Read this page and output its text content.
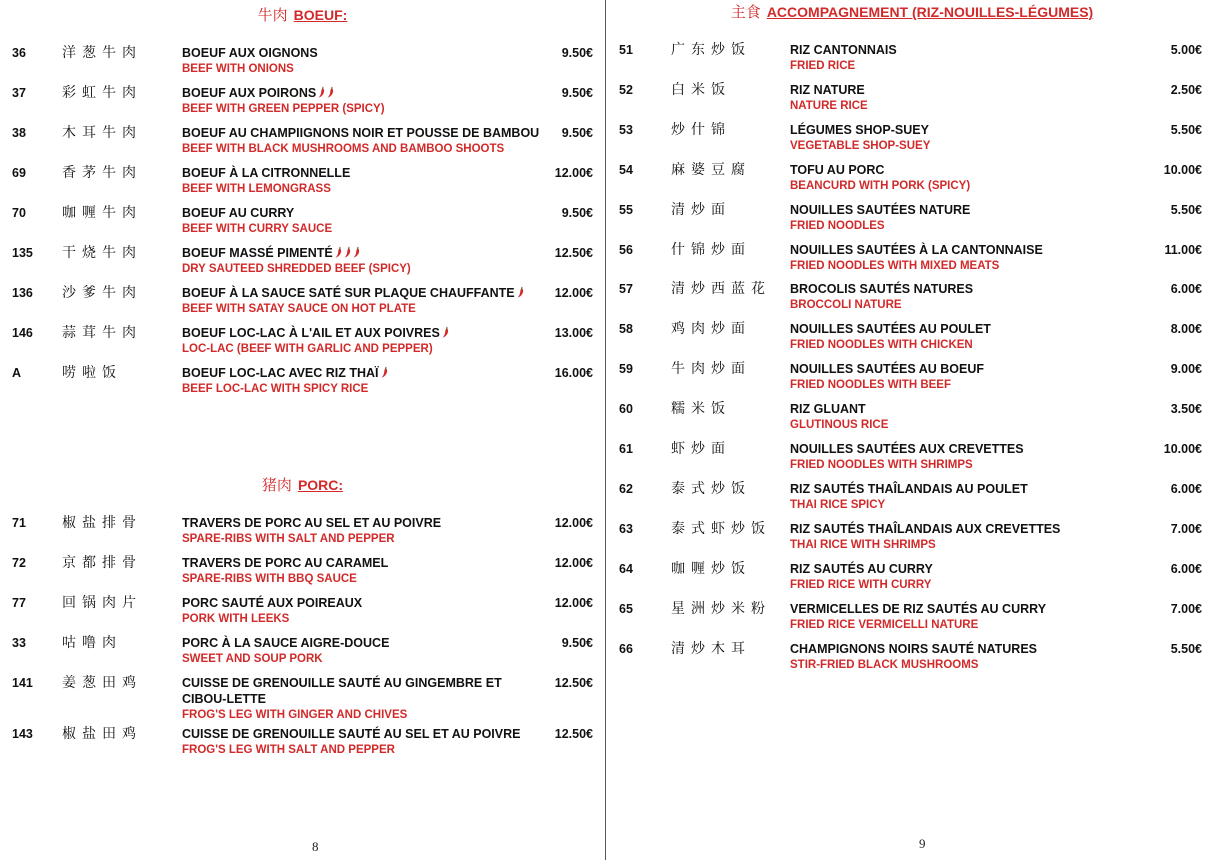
牛肉 BOEUF:
猪肉 PORC:
8
36	洋葱牛肉	BOEUF AUX OIGNONS
BEEF WITH ONIONS
9.50€
37	彩虹牛肉	BOEUF AUX POIRONS
BEEF WITH GREEN PEPPER (SPICY)
9.50€
38	木耳牛肉	BOEUF AU CHAMPIIGNONS NOIR ET POUSSE DE BAMBOU
BEEF WITH BLACK MUSHROOMS AND BAMBOO SHOOTS
9.50€
69	香茅牛肉	BOEUF À LA CITRONNELLE
BEEF WITH LEMONGRASS
12.00€
70	咖喱牛肉	BOEUF AU CURRY
BEEF WITH CURRY SAUCE
9.50€
135 干烧牛肉	BOEUF MASSÉ PIMENTÉ
DRY SAUTEED SHREDDED BEEF (SPICY)
12.50€
136 沙爹牛肉	BOEUF À LA SAUCE SATÉ SUR PLAQUE CHAUFFANTE
BEEF WITH SATAY SAUCE ON HOT PLATE
12.00€
146 蒜茸牛肉	BOEUF LOC-LAC À L'AIL ET AUX POIVRES
LOC-LAC (BEEF WITH GARLIC AND PEPPER)
13.00€
A	唠啦饭	BOEUF LOC-LAC AVEC RIZ THAÏ
BEEF LOC-LAC WITH SPICY RICE
16.00€
71	椒盐排骨	TRAVERS DE PORC AU SEL ET AU POIVRE
SPARE-RIBS WITH SALT AND PEPPER
12.00€
72	京都排骨	TRAVERS DE PORC AU CARAMEL
SPARE-RIBS WITH BBQ SAUCE
12.00€
77	回锅肉片	PORC SAUTÉ AUX POIREAUX
PORK WITH LEEKS
12.00€
33	咕噜肉	PORC À LA SAUCE AIGRE-DOUCE
SWEET AND SOUP PORK
9.50€
141 姜葱田鸡	CUISSE DE GRENOUILLE SAUTÉ AU GINGEMBRE ET CIBOU-LETTE
FROG'S LEG WITH GINGER AND CHIVES
12.50€
143 椒盐田鸡	CUISSE DE GRENOUILLE SAUTÉ AU SEL ET AU POIVRE
FROG'S LEG WITH SALT AND PEPPER
12.50€
主食 ACCOMPAGNEMENT (RIZ-NOUILLES-LÉGUMES)
9
51	广东炒饭	RIZ CANTONNAIS
FRIED RICE
5.00€
52	白米饭	RIZ NATURE
NATURE RICE
2.50€
53	炒什锦	LÉGUMES SHOP-SUEY
VEGETABLE SHOP-SUEY
5.50€
54	麻婆豆腐	TOFU AU PORC
BEANCURD WITH PORK (SPICY)
10.00€
55	清炒面	NOUILLES SAUTÉES NATURE
FRIED NOODLES
5.50€
56	什锦炒面	NOUILLES SAUTÉES À LA CANTONNAISE
FRIED NOODLES WITH MIXED MEATS
11.00€
57	清炒西蓝花 BROCOLIS SAUTÉS NATURES
BROCCOLI NATURE
6.00€
58	鸡肉炒面	NOUILLES SAUTÉES AU POULET
FRIED NOODLES WITH CHICKEN
8.00€
59	牛肉炒面	NOUILLES SAUTÉES AU BOEUF
FRIED NOODLES WITH BEEF
9.00€
60	糯米饭	RIZ GLUANT
GLUTINOUS RICE
3.50€
61	虾炒面	NOUILLES SAUTÉES AUX CREVETTES
FRIED NOODLES WITH SHRIMPS
10.00€
62	泰式炒饭	RIZ SAUTÉS THAÎLANDAIS AU POULET
THAI RICE SPICY
6.00€
63	泰式虾炒饭 RIZ SAUTÉS THAÎLANDAIS AUX CREVETTES
THAI RICE WITH SHRIMPS
7.00€
64	咖喱炒饭	RIZ SAUTÉS AU CURRY
FRIED RICE WITH CURRY
6.00€
65	星洲炒米粉 VERMICELLES DE RIZ SAUTÉS AU CURRY
FRIED RICE VERMICELLI NATURE
7.00€
66	清炒木耳	CHAMPIGNONS NOIRS SAUTÉ NATURES
STIR-FRIED BLACK MUSHROOMS
5.50€
